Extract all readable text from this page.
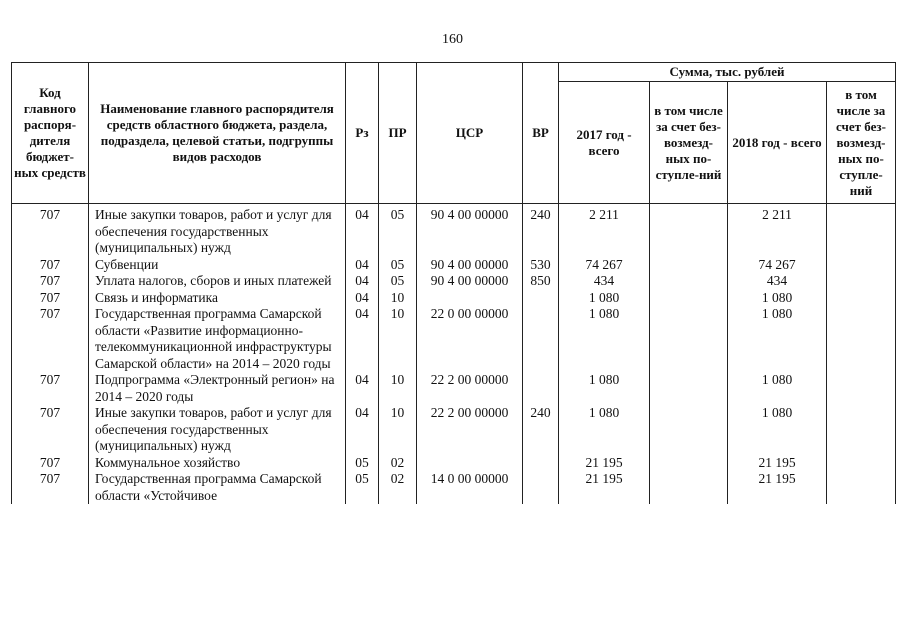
160
Код главного распоря-дителя бюджет-ных средств	Наименование главного распорядителя средств областного бюджета, раздела, подраздела, целевой статьи, подгруппы видов расходов	Рз	ПР	ЦСР	ВР	Сумма, тыс. рублей			
						2017 год - всего	в том числе за счет без-возмезд-ных по-ступле-ний	2018 год - всего	в том числе за счет без-возмезд-ных по-ступле-ний
707	Иные закупки товаров, работ и услуг для обеспечения государственных (муниципальных) нужд	04	05	90 4 00 00000	240	2 211		2 211	
707	Субвенции	04	05	90 4 00 00000	530	74 267		74 267	
707	Уплата налогов, сборов и иных платежей	04	05	90 4 00 00000	850	434		434	
707	Связь и информатика	04	10			1 080		1 080	
707	Государственная программа Самарской области «Развитие информационно-телекоммуникационной инфраструктуры Самарской области» на 2014 – 2020 годы	04	10	22 0 00 00000		1 080		1 080	
707	Подпрограмма «Электронный регион» на 2014 – 2020 годы	04	10	22 2 00 00000		1 080		1 080	
707	Иные закупки товаров, работ и услуг для обеспечения государственных (муниципальных) нужд	04	10	22 2 00 00000	240	1 080		1 080	
707	Коммунальное хозяйство	05	02			21 195		21 195	
707	Государственная программа Самарской области «Устойчивое	05	02	14 0 00 00000		21 195		21 195	
